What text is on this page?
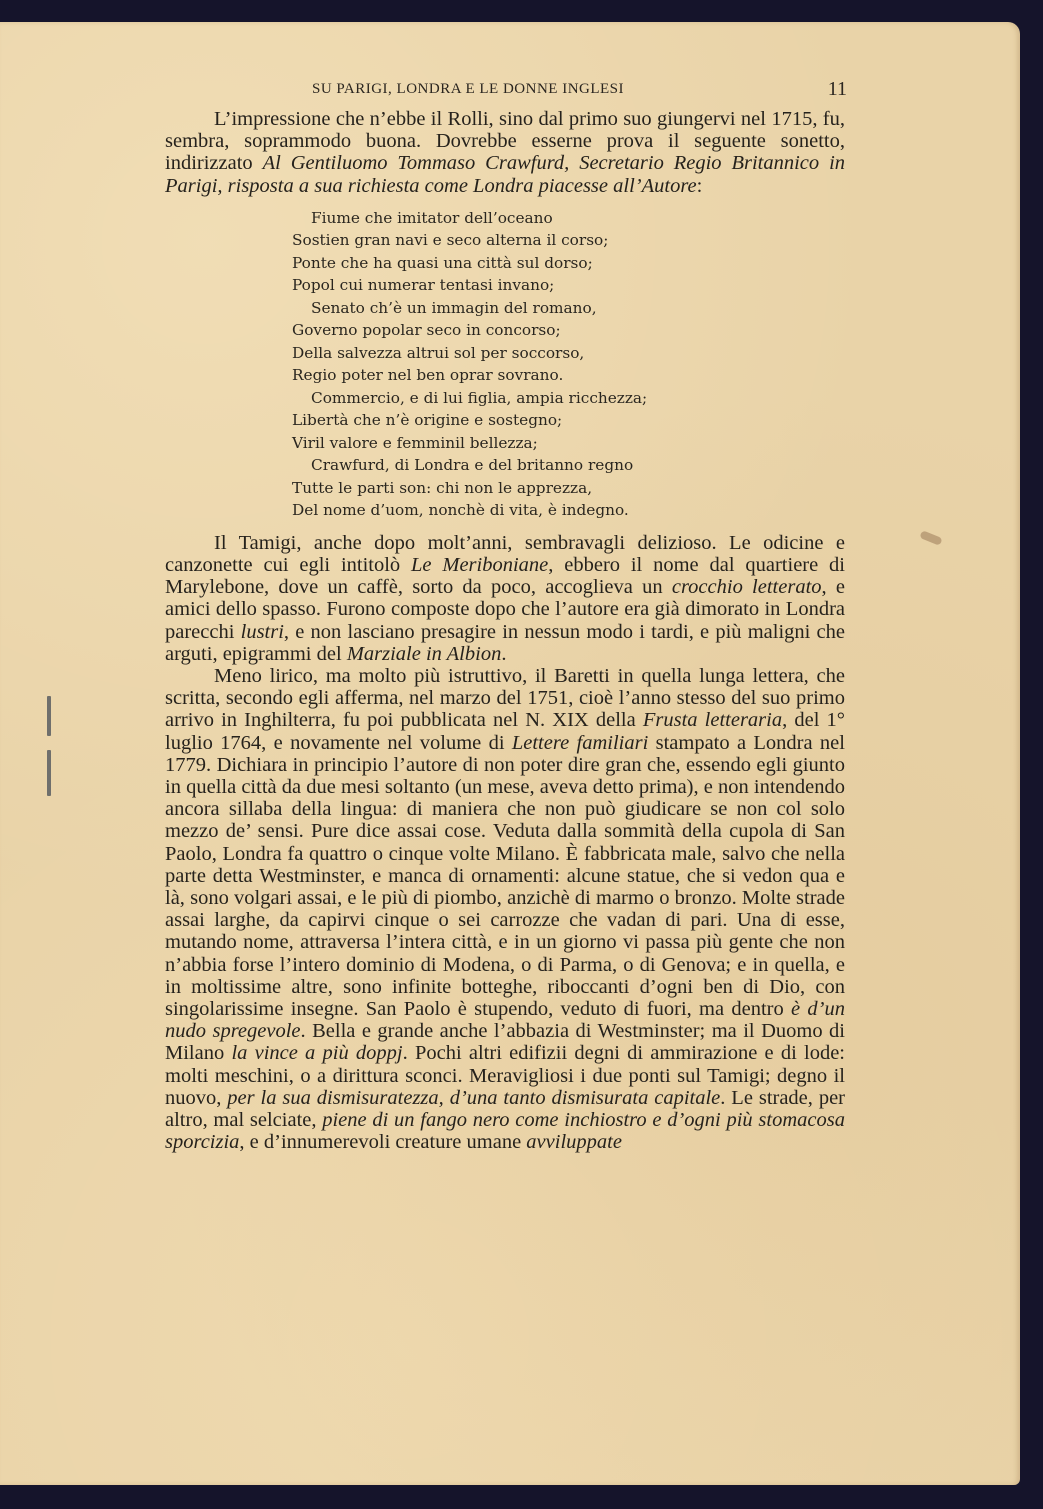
SU PARIGI, LONDRA E LE DONNE INGLESI	11

L’impressione che n’ebbe il Rolli, sino dal primo suo giungervi nel 1715, fu, sembra, soprammodo buona. Dovrebbe esserne prova il seguente sonetto, indirizzato Al Gentiluomo Tommaso Crawfurd, Secretario Regio Britannico in Parigi, risposta a sua richiesta come Londra piacesse all’Autore:

Fiume che imitator dell’oceano
Sostien gran navi e seco alterna il corso;
Ponte che ha quasi una città sul dorso;
Popol cui numerar tentasi invano;
Senato ch’è un immagin del romano,
Governo popolar seco in concorso;
Della salvezza altrui sol per soccorso,
Regio poter nel ben oprar sovrano.
Commercio, e di lui figlia, ampia ricchezza;
Libertà che n’è origine e sostegno;
Viril valore e femminil bellezza;
Crawfurd, di Londra e del britanno regno
Tutte le parti son: chi non le apprezza,
Del nome d’uom, nonchè di vita, è indegno.

Il Tamigi, anche dopo molt’anni, sembravagli delizioso. Le odicine e canzonette cui egli intitolò Le Meriboniane, ebbero il nome dal quartiere di Marylebone, dove un caffè, sorto da poco, accoglieva un crocchio letterato, e amici dello spasso. Furono composte dopo che l’autore era già dimorato in Londra parecchi lustri, e non lasciano presagire in nessun modo i tardi, e più maligni che arguti, epigrammi del Marziale in Albion.

Meno lirico, ma molto più istruttivo, il Baretti in quella lunga lettera, che scritta, secondo egli afferma, nel marzo del 1751, cioè l’anno stesso del suo primo arrivo in Inghilterra, fu poi pubblicata nel N. XIX della Frusta letteraria, del 1° luglio 1764, e novamente nel volume di Lettere familiari stampato a Londra nel 1779. Dichiara in principio l’autore di non poter dire gran che, essendo egli giunto in quella città da due mesi soltanto (un mese, aveva detto prima), e non intendendo ancora sillaba della lingua: di maniera che non può giudicare se non col solo mezzo de’ sensi. Pure dice assai cose. Veduta dalla sommità della cupola di San Paolo, Londra fa quattro o cinque volte Milano. È fabbricata male, salvo che nella parte detta Westminster, e manca di ornamenti: alcune statue, che si vedon qua e là, sono volgari assai, e le più di piombo, anzichè di marmo o bronzo. Molte strade assai larghe, da capirvi cinque o sei carrozze che vadan di pari. Una di esse, mutando nome, attraversa l’intera città, e in un giorno vi passa più gente che non n’abbia forse l’intero dominio di Modena, o di Parma, o di Genova; e in quella, e in moltissime altre, sono infinite botteghe, riboccanti d’ogni ben di Dio, con singolarissime insegne. San Paolo è stupendo, veduto di fuori, ma dentro è d’un nudo spregevole. Bella e grande anche l’abbazia di Westminster; ma il Duomo di Milano la vince a più doppj. Pochi altri edifizii degni di ammirazione e di lode: molti meschini, o a dirittura sconci. Meravigliosi i due ponti sul Tamigi; degno il nuovo, per la sua dismisuratezza, d’una tanto dismisurata capitale. Le strade, per altro, mal selciate, piene di un fango nero come inchiostro e d’ogni più stomacosa sporcizia, e d’innumerevoli creature umane avviluppate
